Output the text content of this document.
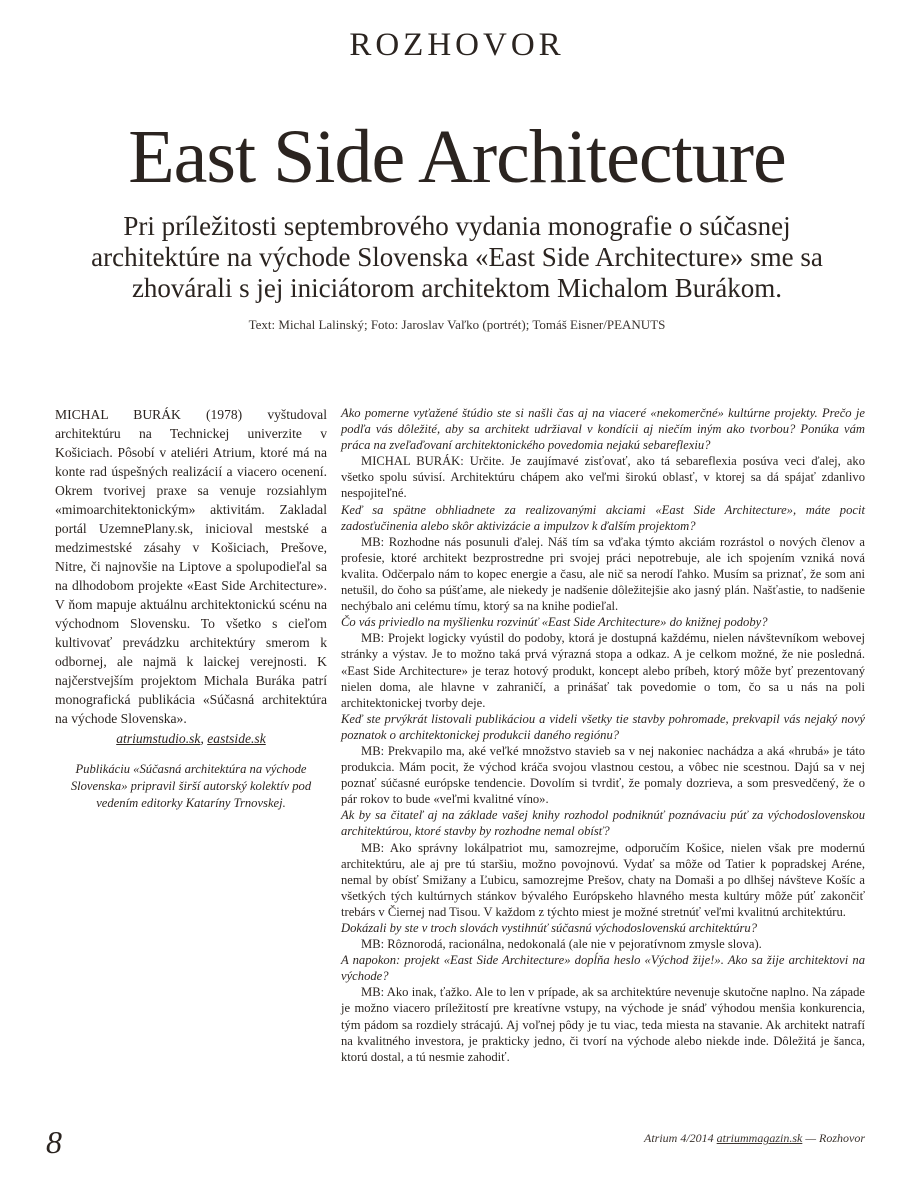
ROZHOVOR
East Side Architecture
Pri príležitosti septembrového vydania monografie o súčasnej architektúre na východe Slovenska «East Side Architecture» sme sa zhovárali s jej iniciátorom architektom Michalom Burákom.
Text: Michal Lalinský; Foto: Jaroslav Vaľko (portrét); Tomáš Eisner/PEANUTS

MICHAL BURÁK (1978) vyštudoval architektúru na Technickej univerzite v Košiciach. Pôsobí v ateliéri Atrium, ktoré má na konte rad úspešných realizácií a viacero ocenení. Okrem tvorivej praxe sa venuje rozsiahlym «mimoarchitektonickým» aktivitám. Zakladal portál UzemnePlany.sk, inicioval mestské a medzimestské zásahy v Košiciach, Prešove, Nitre, či najnovšie na Liptove a spolupodieľal sa na dlhodobom projekte «East Side Architecture». V ňom mapuje aktuálnu architektonickú scénu na východnom Slovensku. To všetko s cieľom kultivovať prevádzku architektúry smerom k odbornej, ale najmä k laickej verejnosti. K najčerstvejším projektom Michala Buráka patrí monografická publikácia «Súčasná architektúra na východe Slovenska».

atriumstudio.sk, eastside.sk

Publikáciu «Súčasná architektúra na východe Slovenska» pripravil širší autorský kolektív pod vedením editorky Kataríny Trnovskej.

Ako pomerne vyťažené štúdio ste si našli čas aj na viaceré «nekomerčné» kultúrne projekty. Prečo je podľa vás dôležité, aby sa architekt udržiaval v kondícii aj niečím iným ako tvorbou? Ponúka vám práca na zveľaďovaní architektonického povedomia nejakú sebareflexiu?

MICHAL BURÁK: Určite. Je zaujímavé zisťovať, ako tá sebareflexia posúva veci ďalej, ako všetko spolu súvisí. Architektúru chápem ako veľmi širokú oblasť, v ktorej sa dá spájať zdanlivo nespojiteľné.

Keď sa spätne obhliadnete za realizovanými akciami «East Side Architecture», máte pocit zadosťučinenia alebo skôr aktivizácie a impulzov k ďalším projektom?

MB: Rozhodne nás posunuli ďalej. Náš tím sa vďaka týmto akciám rozrástol o nových členov a profesie, ktoré architekt bezprostredne pri svojej práci nepotrebuje, ale ich spojením vzniká nová kvalita. Odčerpalo nám to kopec energie a času, ale nič sa nerodí ľahko. Musím sa priznať, že som ani netušil, do čoho sa púšťame, ale niekedy je nadšenie dôležitejšie ako jasný plán. Našťastie, to nadšenie nechýbalo ani celému tímu, ktorý sa na knihe podieľal.

Čo vás priviedlo na myšlienku rozvinúť «East Side Architecture» do knižnej podoby?

MB: Projekt logicky vyústil do podoby, ktorá je dostupná každému, nielen návštevníkom webovej stránky a výstav. Je to možno taká prvá výrazná stopa a odkaz. A je celkom možné, že nie posledná. «East Side Architecture» je teraz hotový produkt, koncept alebo príbeh, ktorý môže byť prezentovaný nielen doma, ale hlavne v zahraničí, a prinášať tak povedomie o tom, čo sa u nás na poli architektonickej tvorby deje.

Keď ste prvýkrát listovali publikáciou a videli všetky tie stavby pohromade, prekvapil vás nejaký nový poznatok o architektonickej produkcii daného regiónu?

MB: Prekvapilo ma, aké veľké množstvo stavieb sa v nej nakoniec nachádza a aká «hrubá» je táto produkcia. Mám pocit, že východ kráča svojou vlastnou cestou, a vôbec nie scestnou. Dajú sa v nej poznať súčasné európske tendencie. Dovolím si tvrdiť, že pomaly dozrieva, a som presvedčený, že o pár rokov to bude «veľmi kvalitné víno».

Ak by sa čitateľ aj na základe vašej knihy rozhodol podniknúť poznávaciu púť za východoslovenskou architektúrou, ktoré stavby by rozhodne nemal obísť?

MB: Ako správny lokálpatriot mu, samozrejme, odporučím Košice, nielen však pre modernú architektúru, ale aj pre tú staršiu, možno povojnovú. Vydať sa môže od Tatier k popradskej Aréne, nemal by obísť Smižany a Ľubicu, samozrejme Prešov, chaty na Domaši a po dlhšej návšteve Košíc a všetkých tých kultúrnych stánkov bývalého Európskeho hlavného mesta kultúry môže púť zakončiť trebárs v Čiernej nad Tisou. V každom z týchto miest je možné stretnúť veľmi kvalitnú architektúru.

Dokázali by ste v troch slovách vystihnúť súčasnú východoslovenskú architektúru?

MB: Rôznorodá, racionálna, nedokonalá (ale nie v pejoratívnom zmysle slova).

A napokon: projekt «East Side Architecture» dopĺňa heslo «Východ žije!». Ako sa žije architektovi na východe?

MB: Ako inak, ťažko. Ale to len v prípade, ak sa architektúre nevenuje skutočne naplno. Na západe je možno viacero príležitostí pre kreatívne vstupy, na východe je snáď výhodou menšia konkurencia, tým pádom sa rozdiely strácajú. Aj voľnej pôdy je tu viac, teda miesta na stavanie. Ak architekt natrafí na kvalitného investora, je prakticky jedno, či tvorí na východe alebo niekde inde. Dôležitá je šanca, ktorú dostal, a tú nesmie zahodiť.

8	Atrium 4/2014 atriummagazin.sk — Rozhovor
